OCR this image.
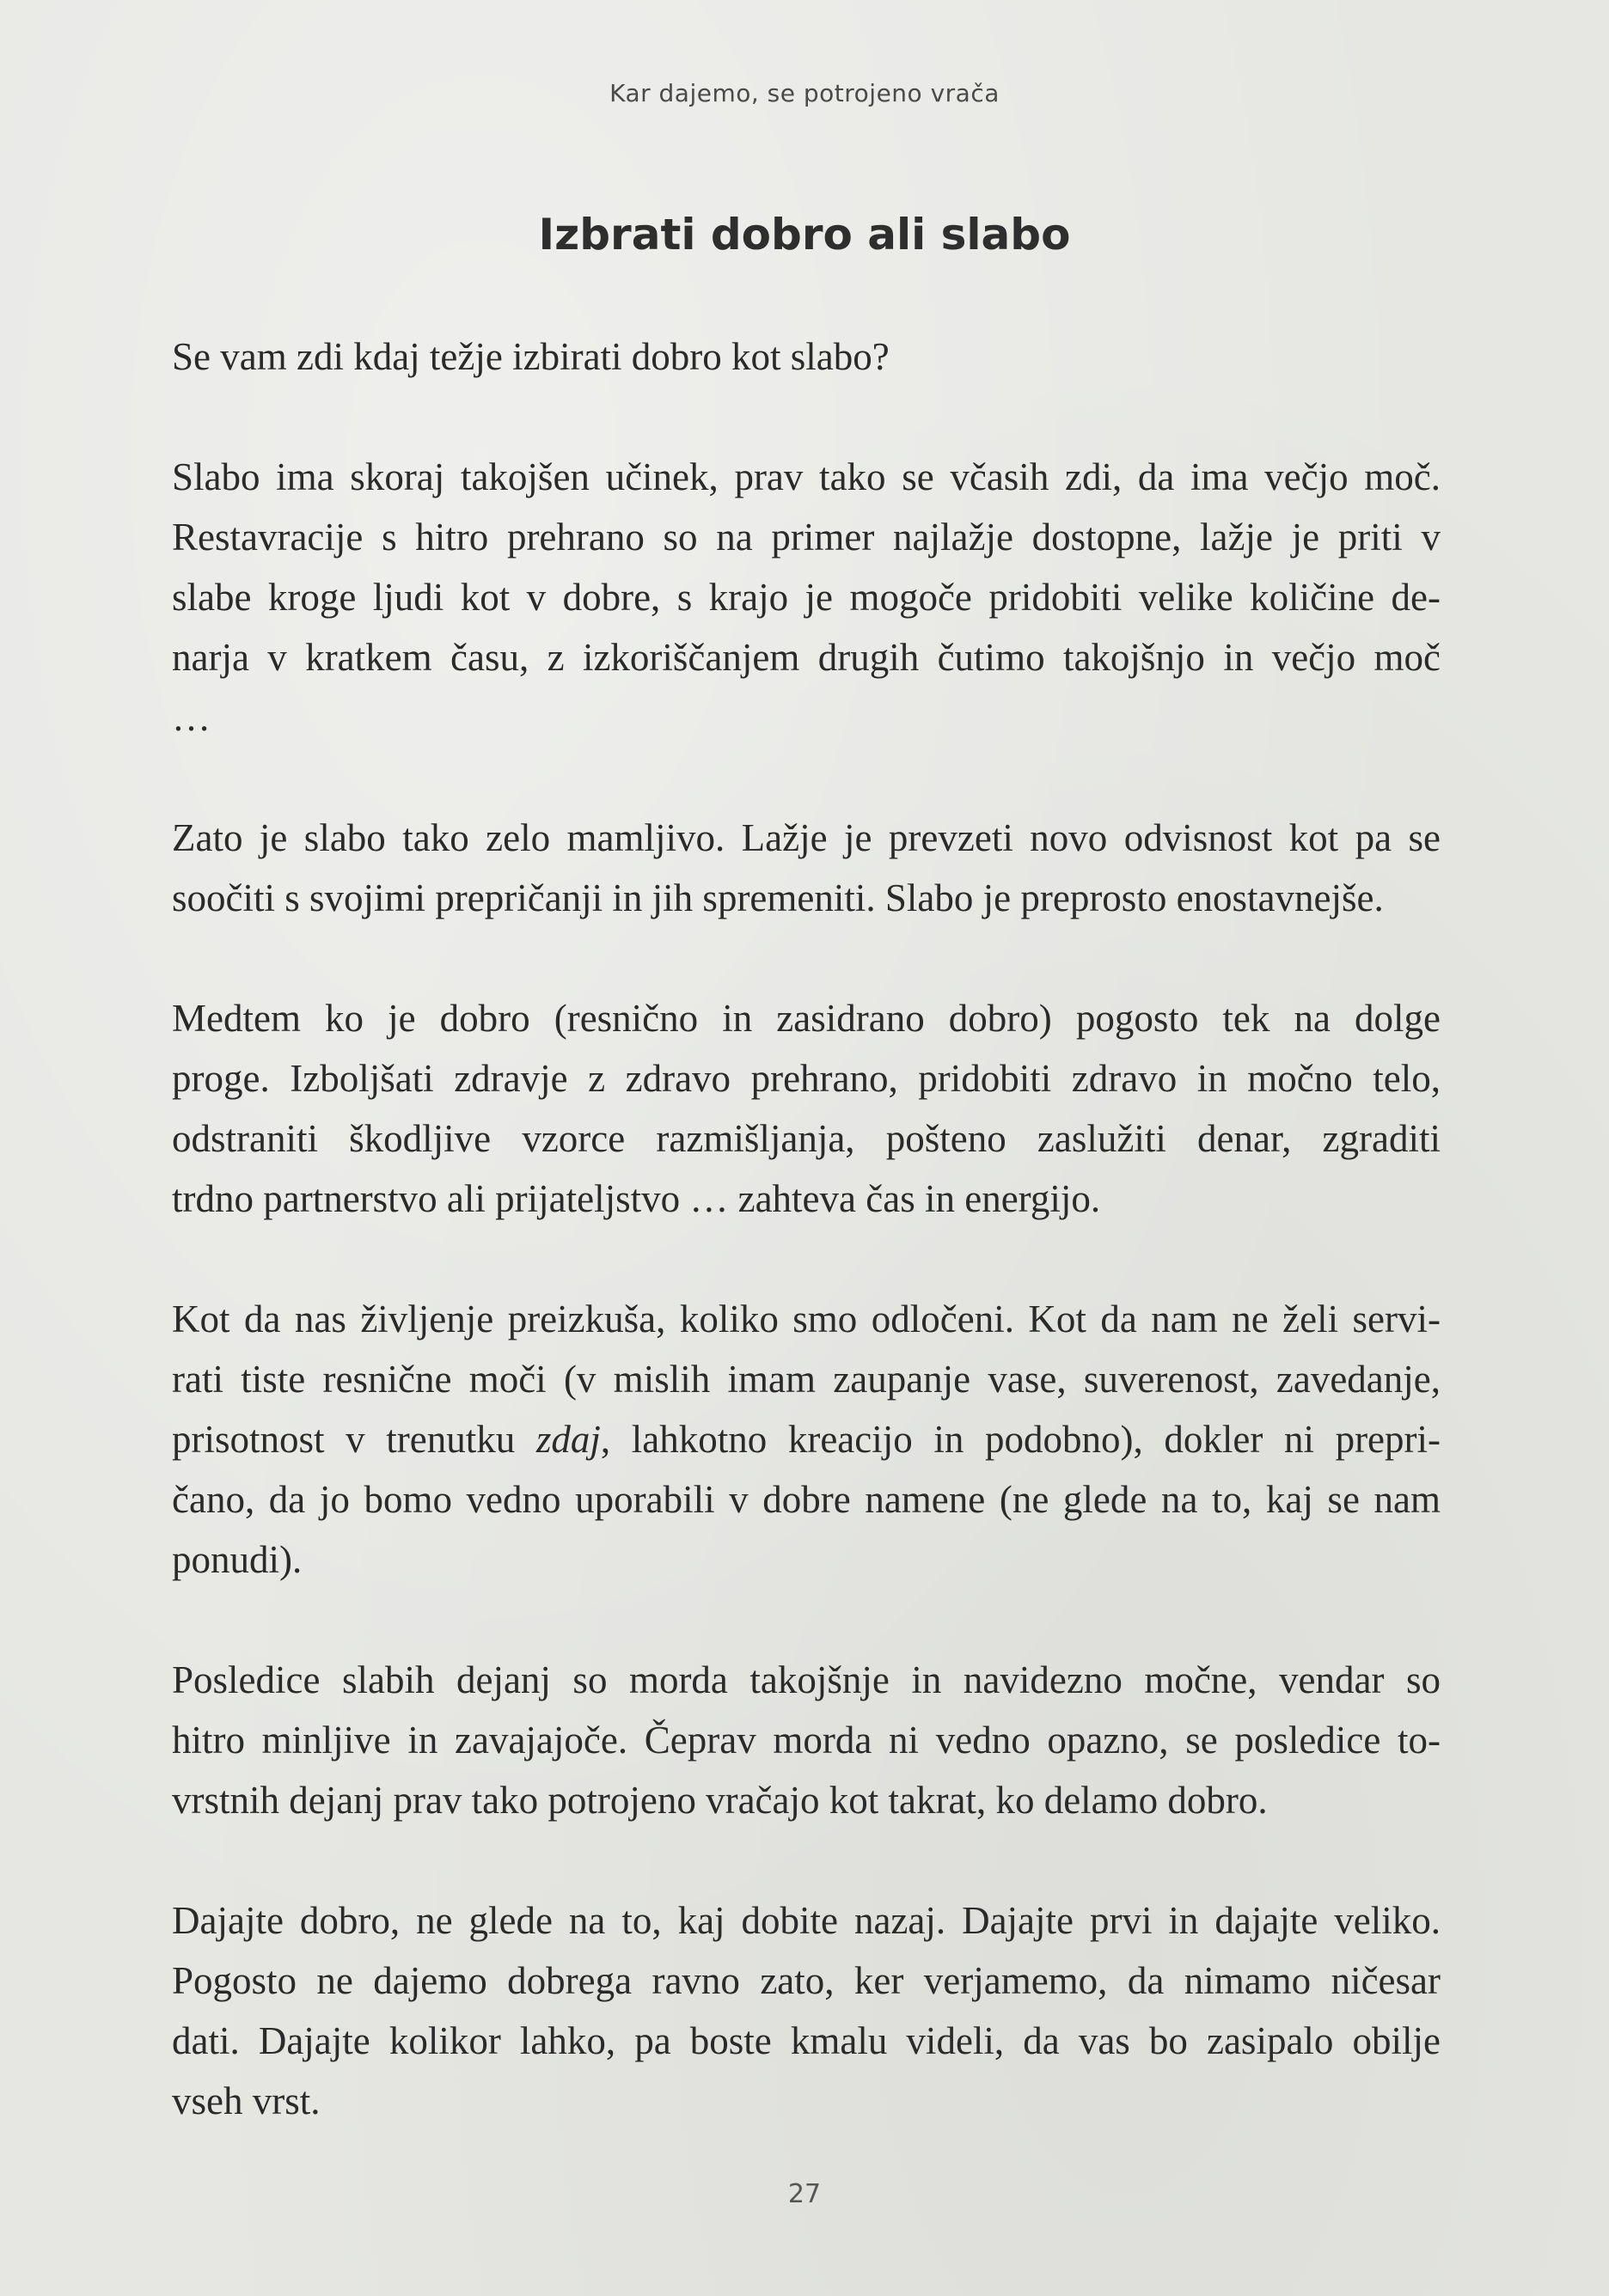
Kar dajemo, se potrojeno vrača
Izbrati dobro ali slabo

Se vam zdi kdaj težje izbirati dobro kot slabo?

Slabo ima skoraj takojšen učinek, prav tako se včasih zdi, da ima večjo moč.
Restavracije s hitro prehrano so na primer najlažje dostopne, lažje je priti v
slabe kroge ljudi kot v dobre, s krajo je mogoče pridobiti velike količine de-
narja v kratkem času, z izkoriščanjem drugih čutimo takojšnjo in večjo moč
…

Zato je slabo tako zelo mamljivo. Lažje je prevzeti novo odvisnost kot pa se
soočiti s svojimi prepričanji in jih spremeniti. Slabo je preprosto enostavnejše.

Medtem ko je dobro (resnično in zasidrano dobro) pogosto tek na dolge
proge. Izboljšati zdravje z zdravo prehrano, pridobiti zdravo in močno telo,
odstraniti škodljive vzorce razmišljanja, pošteno zaslužiti denar, zgraditi
trdno partnerstvo ali prijateljstvo … zahteva čas in energijo.

Kot da nas življenje preizkuša, koliko smo odločeni. Kot da nam ne želi servi-
rati tiste resnične moči (v mislih imam zaupanje vase, suverenost, zavedanje,
prisotnost v trenutku zdaj, lahkotno kreacijo in podobno), dokler ni prepri-
čano, da jo bomo vedno uporabili v dobre namene (ne glede na to, kaj se nam
ponudi).

Posledice slabih dejanj so morda takojšnje in navidezno močne, vendar so
hitro minljive in zavajajoče. Čeprav morda ni vedno opazno, se posledice to-
vrstnih dejanj prav tako potrojeno vračajo kot takrat, ko delamo dobro.

Dajajte dobro, ne glede na to, kaj dobite nazaj. Dajajte prvi in dajajte veliko.
Pogosto ne dajemo dobrega ravno zato, ker verjamemo, da nimamo ničesar
dati. Dajajte kolikor lahko, pa boste kmalu videli, da vas bo zasipalo obilje
vseh vrst.

27
